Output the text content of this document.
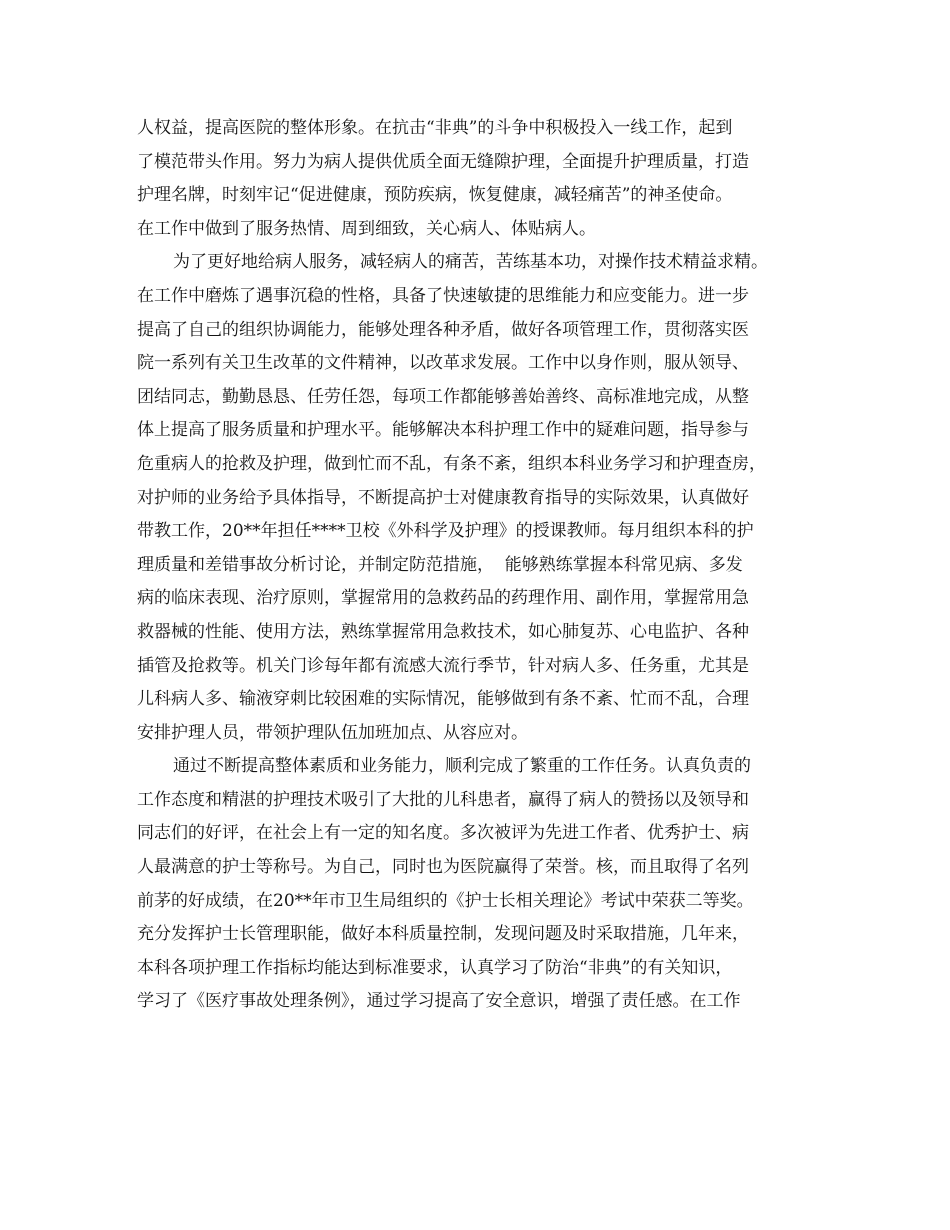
人权益，提高医院的整体形象。在抗击“非典”的斗争中积极投入一线工作，起到
了模范带头作用。努力为病人提供优质全面无缝隙护理，全面提升护理质量，打造
护理名牌，时刻牢记“促进健康，预防疾病，恢复健康，减轻痛苦”的神圣使命。
在工作中做到了服务热情、周到细致，关心病人、体贴病人。
为了更好地给病人服务，减轻病人的痛苦，苦练基本功，对操作技术精益求精。
在工作中磨炼了遇事沉稳的性格，具备了快速敏捷的思维能力和应变能力。进一步
提高了自己的组织协调能力，能够处理各种矛盾，做好各项管理工作，贯彻落实医
院一系列有关卫生改革的文件精神，以改革求发展。工作中以身作则，服从领导、
团结同志，勤勤恳恳、任劳任怨，每项工作都能够善始善终、高标准地完成，从整
体上提高了服务质量和护理水平。能够解决本科护理工作中的疑难问题，指导参与
危重病人的抢救及护理，做到忙而不乱，有条不紊，组织本科业务学习和护理查房，
对护师的业务给予具体指导，不断提高护士对健康教育指导的实际效果，认真做好
带教工作，20**年担任****卫校《外科学及护理》的授课教师。每月组织本科的护
理质量和差错事故分析讨论，并制定防范措施，  能够熟练掌握本科常见病、多发
病的临床表现、治疗原则，掌握常用的急救药品的药理作用、副作用，掌握常用急
救器械的性能、使用方法，熟练掌握常用急救技术，如心肺复苏、心电监护、各种
插管及抢救等。机关门诊每年都有流感大流行季节，针对病人多、任务重，尤其是
儿科病人多、输液穿刺比较困难的实际情况，能够做到有条不紊、忙而不乱，合理
安排护理人员，带领护理队伍加班加点、从容应对。
通过不断提高整体素质和业务能力，顺利完成了繁重的工作任务。认真负责的
工作态度和精湛的护理技术吸引了大批的儿科患者，赢得了病人的赞扬以及领导和
同志们的好评，在社会上有一定的知名度。多次被评为先进工作者、优秀护士、病
人最满意的护士等称号。为自己，同时也为医院赢得了荣誉。核，而且取得了名列
前茅的好成绩，在20**年市卫生局组织的《护士长相关理论》考试中荣获二等奖。
充分发挥护士长管理职能，做好本科质量控制，发现问题及时采取措施，几年来，
本科各项护理工作指标均能达到标准要求，认真学习了防治“非典”的有关知识，
学习了《医疗事故处理条例》，通过学习提高了安全意识，增强了责任感。在工作
